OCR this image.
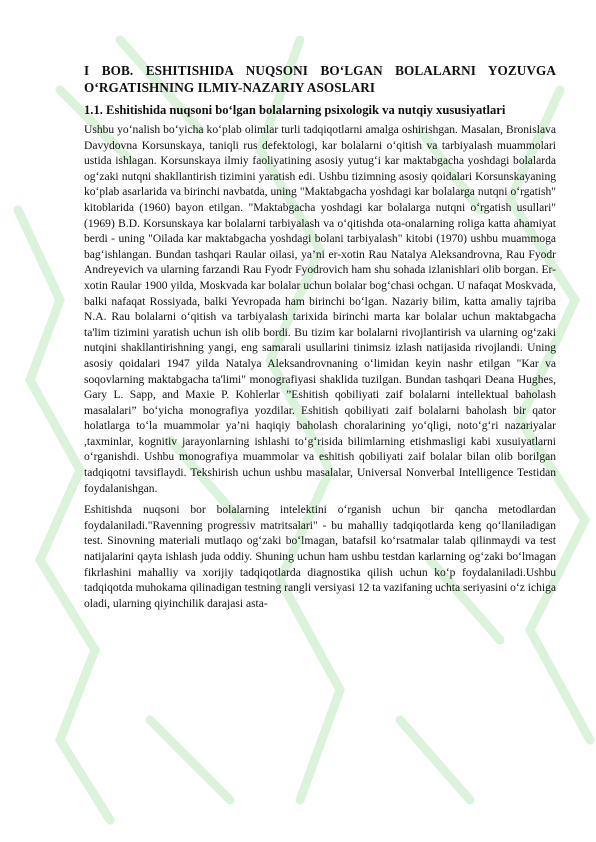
I BOB. ESHITISHIDA NUQSONI BO‘LGAN BOLALARNI YOZUVGA O‘RGATISHNING ILMIY-NAZARIY ASOSLARI
1.1. Eshitishida nuqsoni bo‘lgan bolalarning psixologik va nutqiy xususiyatlari

Ushbu yo‘nalish bo‘yicha ko‘plab olimlar turli tadqiqotlarni amalga oshirishgan. Masalan, Bronislava Davydovna Korsunskaya, taniqli rus defektologi, kar bolalarni o‘qitish va tarbiyalash muammolari ustida ishlagan. Korsunskaya ilmiy faoliyatining asosiy yutug‘i kar maktabgacha yoshdagi bolalarda og‘zaki nutqni shakllantirish tizimini yaratish edi. Ushbu tizimning asosiy qoidalari Korsunskayaning ko‘plab asarlarida va birinchi navbatda, uning "Maktabgacha yoshdagi kar bolalarga nutqni o‘rgatish" kitoblarida (1960) bayon etilgan. "Maktabgacha yoshdagi kar bolalarga nutqni o‘rgatish usullari" (1969) B.D. Korsunskaya kar bolalarni tarbiyalash va o‘qitishda ota-onalarning roliga katta ahamiyat berdi - uning "Oilada kar maktabgacha yoshdagi bolani tarbiyalash" kitobi (1970) ushbu muammoga bag‘ishlangan. Bundan tashqari Raular oilasi, ya’ni er-xotin Rau Natalya Aleksandrovna, Rau Fyodr Andreyevich va ularning farzandi Rau Fyodr Fyodrovich ham shu sohada izlanishlari olib borgan. Er-xotin Raular 1900 yilda, Moskvada kar bolalar uchun bolalar bog‘chasi ochgan. U nafaqat Moskvada, balki nafaqat Rossiyada, balki Yevropada ham birinchi bo‘lgan. Nazariy bilim, katta amaliy tajriba N.A. Rau bolalarni o‘qitish va tarbiyalash tarixida birinchi marta kar bolalar uchun maktabgacha ta'lim tizimini yaratish uchun ish olib bordi. Bu tizim kar bolalarni rivojlantirish va ularning og‘zaki nutqini shakllantirishning yangi, eng samarali usullarini tinimsiz izlash natijasida rivojlandi. Uning asosiy qoidalari 1947 yilda Natalya Aleksandrovnaning o‘limidan keyin nashr etilgan "Kar va soqovlarning maktabgacha ta'limi" monografiyasi shaklida tuzilgan. Bundan tashqari Deana Hughes, Gary L. Sapp, and Maxie P. Kohlerlar ”Eshitish qobiliyati zaif bolalarni intellektual baholash masalalari” bo‘yicha monografiya yozdilar. Eshitish qobiliyati zaif bolalarni baholash bir qator holatlarga to‘la muammolar ya’ni haqiqiy baholash choralarining yo‘qligi, noto‘g‘ri nazariyalar ,taxminlar, kognitiv jarayonlarning ishlashi to‘g‘risida bilimlarning etishmasligi kabi xusuiyatlarni o‘rganishdi. Ushbu monografiya muammolar va eshitish qobiliyati zaif bolalar bilan olib borilgan tadqiqotni tavsiflaydi. Tekshirish uchun ushbu masalalar, Universal Nonverbal Intelligence Testidan foydalanishgan.

Eshitishda nuqsoni bor bolalarning intelektini o‘rganish uchun bir qancha metodlardan foydalaniladi."Ravenning progressiv matritsalari" - bu mahalliy tadqiqotlarda keng qo‘llaniladigan test. Sinovning materiali mutlaqo og‘zaki bo‘lmagan, batafsil ko‘rsatmalar talab qilinmaydi va test natijalarini qayta ishlash juda oddiy. Shuning uchun ham ushbu testdan karlarning og‘zaki bo‘lmagan fikrlashini mahalliy va xorijiy tadqiqotlarda diagnostika qilish uchun ko‘p foydalaniladi.Ushbu tadqiqotda muhokama qilinadigan testning rangli versiyasi 12 ta vazifaning uchta seriyasini o‘z ichiga oladi, ularning qiyinchilik darajasi asta-
